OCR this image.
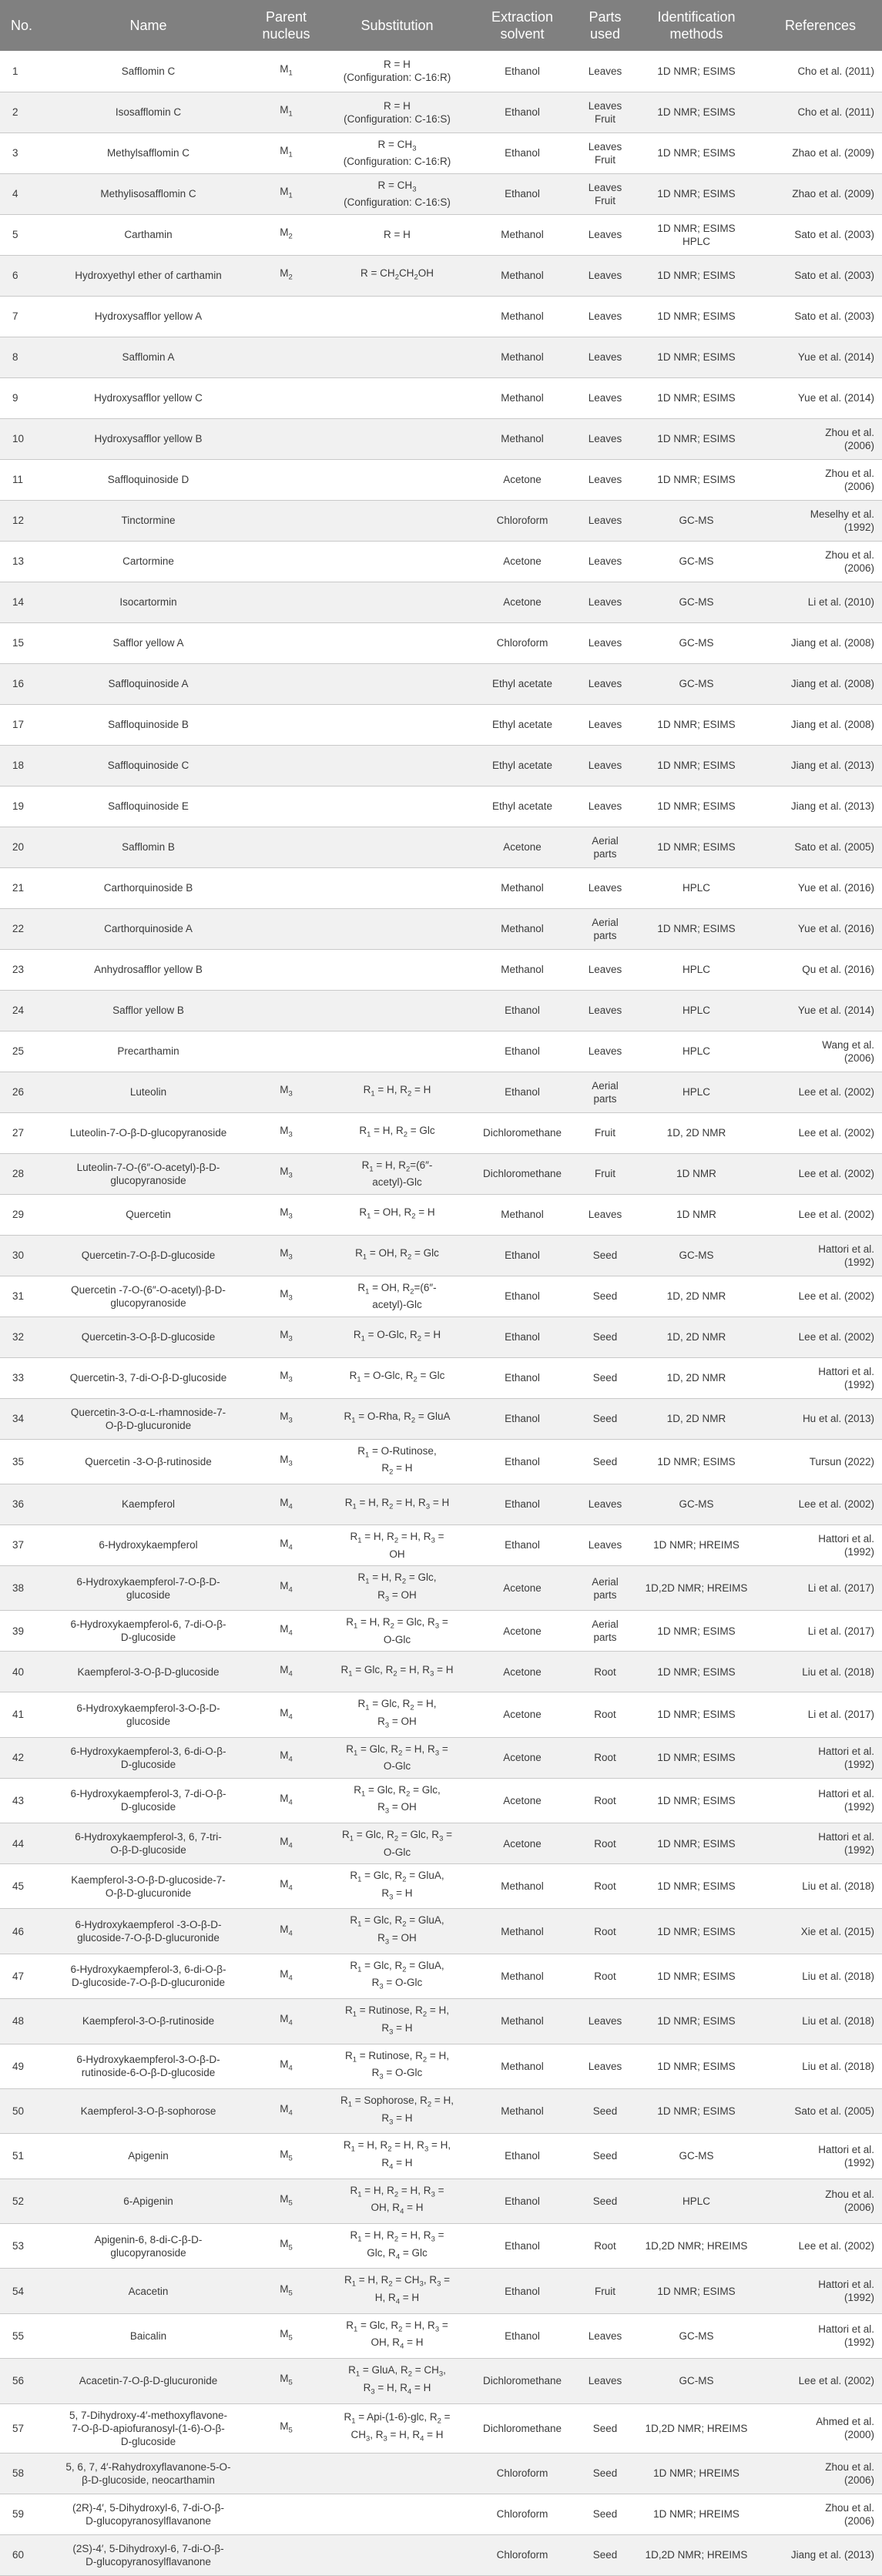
No.	Name	Parent nucleus	Substitution	Extraction solvent	Parts used	Identification methods	References
1	Safflomin C	$M_1$	R = H
(Configuration: C-16:R)	Ethanol	Leaves	1D NMR; ESIMS	Cho et al. (2011)
2	Isosafflomin C	$M_1$	R = H
(Configuration: C-16:S)	Ethanol	Leaves
Fruit	1D NMR; ESIMS	Cho et al. (2011)
3	Methylsafflomin C	$M_1$	$R = CH_3$
(Configuration: C-16:R)	Ethanol	Leaves
Fruit	1D NMR; ESIMS	Zhao et al. (2009)
4	Methylisosafflomin C	$M_1$	$R = CH_3$
(Configuration: C-16:S)	Ethanol	Leaves
Fruit	1D NMR; ESIMS	Zhao et al. (2009)
5	Carthamin	$M_2$	R = H	Methanol	Leaves	1D NMR; ESIMS
HPLC	Sato et al. (2003)
6	Hydroxyethyl ether of carthamin	$M_2$	$R = CH_2CH_2OH$	Methanol	Leaves	1D NMR; ESIMS	Sato et al. (2003)
7	Hydroxysafflor yellow A			Methanol	Leaves	1D NMR; ESIMS	Sato et al. (2003)
8	Safflomin A			Methanol	Leaves	1D NMR; ESIMS	Yue et al. (2014)
9	Hydroxysafflor yellow C			Methanol	Leaves	1D NMR; ESIMS	Yue et al. (2014)
10	Hydroxysafflor yellow B			Methanol	Leaves	1D NMR; ESIMS	Zhou et al.
(2006)
11	Saffloquinoside D			Acetone	Leaves	1D NMR; ESIMS	Zhou et al.
(2006)
12	Tinctormine			Chloroform	Leaves	GC-MS	Meselhy et al.
(1992)
13	Cartormine			Acetone	Leaves	GC-MS	Zhou et al.
(2006)
14	Isocartormin			Acetone	Leaves	GC-MS	Li et al. (2010)
15	Safflor yellow A			Chloroform	Leaves	GC-MS	Jiang et al. (2008)
16	Saffloquinoside A			Ethyl acetate	Leaves	GC-MS	Jiang et al. (2008)
17	Saffloquinoside B			Ethyl acetate	Leaves	1D NMR; ESIMS	Jiang et al. (2008)
18	Saffloquinoside C			Ethyl acetate	Leaves	1D NMR; ESIMS	Jiang et al. (2013)
19	Saffloquinoside E			Ethyl acetate	Leaves	1D NMR; ESIMS	Jiang et al. (2013)
20	Safflomin B			Acetone	Aerial
parts	1D NMR; ESIMS	Sato et al. (2005)
21	Carthorquinoside B			Methanol	Leaves	HPLC	Yue et al. (2016)
22	Carthorquinoside A			Methanol	Aerial
parts	1D NMR; ESIMS	Yue et al. (2016)
23	Anhydrosafflor yellow B			Methanol	Leaves	HPLC	Qu et al. (2016)
24	Safflor yellow B			Ethanol	Leaves	HPLC	Yue et al. (2014)
25	Precarthamin			Ethanol	Leaves	HPLC	Wang et al.
(2006)
26	Luteolin	$M_3$	$R_1 = H$, $R_2 = H$	Ethanol	Aerial
parts	HPLC	Lee et al. (2002)
27	Luteolin-7-O-β-D-glucopyranoside	$M_3$	$R_1 = H$, $R_2$ = Glc	Dichloromethane	Fruit	1D, 2D NMR	Lee et al. (2002)
28	Luteolin-7-O-(6″-O-acetyl)-β-D-
glucopyranoside	$M_3$	$R_1 = H$, $R_2=(6''-$
acetyl)-Glc	Dichloromethane	Fruit	1D NMR	Lee et al. (2002)
29	Quercetin	$M_3$	$R_1$ = OH, $R_2 = H$	Methanol	Leaves	1D NMR	Lee et al. (2002)
30	Quercetin-7-O-β-D-glucoside	$M_3$	$R_1$ = OH, $R_2$ = Glc	Ethanol	Seed	GC-MS	Hattori et al.
(1992)
31	Quercetin -7-O-(6″-O-acetyl)-β-D-
glucopyranoside	$M_3$	$R_1$ = OH, $R_2=(6''-$
acetyl)-Glc	Ethanol	Seed	1D, 2D NMR	Lee et al. (2002)
32	Quercetin-3-O-β-D-glucoside	$M_3$	$R_1 = O-Glc$, $R_2 = H$	Ethanol	Seed	1D, 2D NMR	Lee et al. (2002)
33	Quercetin-3, 7-di-O-β-D-glucoside	$M_3$	$R_1 = O-Glc$, $R_2$ = Glc	Ethanol	Seed	1D, 2D NMR	Hattori et al.
(1992)
34	Quercetin-3-O-α-L-rhamnoside-7-
O-β-D-glucuronide	$M_3$	$R_1 = O-Rha$, $R_2$ = GluA	Ethanol	Seed	1D, 2D NMR	Hu et al. (2013)
35	Quercetin -3-O-β-rutinoside	$M_3$	$R_1$ = O-Rutinose,
$R_2 = H$	Ethanol	Seed	1D NMR; ESIMS	Tursun (2022)
36	Kaempferol	$M_4$	$R_1 = H$, $R_2 = H$, $R_3 = H$	Ethanol	Leaves	GC-MS	Lee et al. (2002)
37	6-Hydroxykaempferol	$M_4$	$R_1 = H$, $R_2 = H$, $R_3$ =
OH	Ethanol	Leaves	1D NMR; HREIMS	Hattori et al.
(1992)
38	6-Hydroxykaempferol-7-O-β-D-
glucoside	$M_4$	$R_1 = H$, $R_2$ = Glc,
$R_3$ = OH	Acetone	Aerial
parts	1D,2D NMR; HREIMS	Li et al. (2017)
39	6-Hydroxykaempferol-6, 7-di-O-β-
D-glucoside	$M_4$	$R_1 = H$, $R_2$ = Glc, $R_3$ =
O-Glc	Acetone	Aerial
parts	1D NMR; ESIMS	Li et al. (2017)
40	Kaempferol-3-O-β-D-glucoside	$M_4$	$R_1$ = Glc, $R_2 = H$, $R_3 = H$	Acetone	Root	1D NMR; ESIMS	Liu et al. (2018)
41	6-Hydroxykaempferol-3-O-β-D-
glucoside	$M_4$	$R_1$ = Glc, $R_2 = H$,
$R_3$ = OH	Acetone	Root	1D NMR; ESIMS	Li et al. (2017)
42	6-Hydroxykaempferol-3, 6-di-O-β-
D-glucoside	$M_4$	$R_1$ = Glc, $R_2 = H$, $R_3$ =
O-Glc	Acetone	Root	1D NMR; ESIMS	Hattori et al.
(1992)
43	6-Hydroxykaempferol-3, 7-di-O-β-
D-glucoside	$M_4$	$R_1$ = Glc, $R_2$ = Glc,
$R_3$ = OH	Acetone	Root	1D NMR; ESIMS	Hattori et al.
(1992)
44	6-Hydroxykaempferol-3, 6, 7-tri-
O-β-D-glucoside	$M_4$	$R_1$ = Glc, $R_2$ = Glc, $R_3$ =
O-Glc	Acetone	Root	1D NMR; ESIMS	Hattori et al.
(1992)
45	Kaempferol-3-O-β-D-glucoside-7-
O-β-D-glucuronide	$M_4$	$R_1$ = Glc, $R_2$ = GluA,
$R_3 = H$	Methanol	Root	1D NMR; ESIMS	Liu et al. (2018)
46	6-Hydroxykaempferol -3-O-β-D-
glucoside-7-O-β-D-glucuronide	$M_4$	$R_1$ = Glc, $R_2$ = GluA,
$R_3$ = OH	Methanol	Root	1D NMR; ESIMS	Xie et al. (2015)
47	6-Hydroxykaempferol-3, 6-di-O-β-
D-glucoside-7-O-β-D-glucuronide	$M_4$	$R_1$ = Glc, $R_2$ = GluA,
$R_3 = O-Glc$	Methanol	Root	1D NMR; ESIMS	Liu et al. (2018)
48	Kaempferol-3-O-β-rutinoside	$M_4$	$R_1$ = Rutinose, $R_2 = H$,
$R_3 = H$	Methanol	Leaves	1D NMR; ESIMS	Liu et al. (2018)
49	6-Hydroxykaempferol-3-O-β-D-
rutinoside-6-O-β-D-glucoside	$M_4$	$R_1$ = Rutinose, $R_2 = H$,
$R_3 = O-Glc$	Methanol	Leaves	1D NMR; ESIMS	Liu et al. (2018)
50	Kaempferol-3-O-β-sophorose	$M_4$	$R_1$ = Sophorose, $R_2 = H$,
$R_3 = H$	Methanol	Seed	1D NMR; ESIMS	Sato et al. (2005)
51	Apigenin	$M_5$	$R_1 = H$, $R_2 = H$, $R_3 = H$,
$R_4 = H$	Ethanol	Seed	GC-MS	Hattori et al.
(1992)
52	6-Apigenin	$M_5$	$R_1 = H$, $R_2 = H$, $R_3$ =
OH, $R_4 = H$	Ethanol	Seed	HPLC	Zhou et al.
(2006)
53	Apigenin-6, 8-di-C-β-D-
glucopyranoside	$M_5$	$R_1 = H$, $R_2 = H$, $R_3$ =
Glc, $R_4$ = Glc	Ethanol	Root	1D,2D NMR; HREIMS	Lee et al. (2002)
54	Acacetin	$M_5$	$R_1 = H$, $R_2 = CH_3$, $R_3$ =
H, $R_4 = H$	Ethanol	Fruit	1D NMR; ESIMS	Hattori et al.
(1992)
55	Baicalin	$M_5$	$R_1$ = Glc, $R_2 = H$, $R_3$ =
OH, $R_4 = H$	Ethanol	Leaves	GC-MS	Hattori et al.
(1992)
56	Acacetin-7-O-β-D-glucuronide	$M_5$	$R_1$ = GluA, $R_2 = CH_3$,
$R_3 = H$, $R_4 = H$	Dichloromethane	Leaves	GC-MS	Lee et al. (2002)
57	5, 7-Dihydroxy-4′-methoxyflavone-
7-O-β-D-apiofuranosyl-(1-6)-O-β-
D-glucoside	$M_5$	$R_1 = Api-(1-6)-glc$, $R_2$ =
$CH_3$, $R_3 = H$, $R_4 = H$	Dichloromethane	Seed	1D,2D NMR; HREIMS	Ahmed et al.
(2000)
58	5, 6, 7, 4′-Rahydroxyflavanone-5-O-
β-D-glucoside, neocarthamin			Chloroform	Seed	1D NMR; HREIMS	Zhou et al.
(2006)
59	(2R)-4′, 5-Dihydroxyl-6, 7-di-O-β-
D-glucopyranosylflavanone			Chloroform	Seed	1D NMR; HREIMS	Zhou et al.
(2006)
60	(2S)-4′, 5-Dihydroxyl-6, 7-di-O-β-
D-glucopyranosylflavanone			Chloroform	Seed	1D,2D NMR; HREIMS	Jiang et al. (2013)
